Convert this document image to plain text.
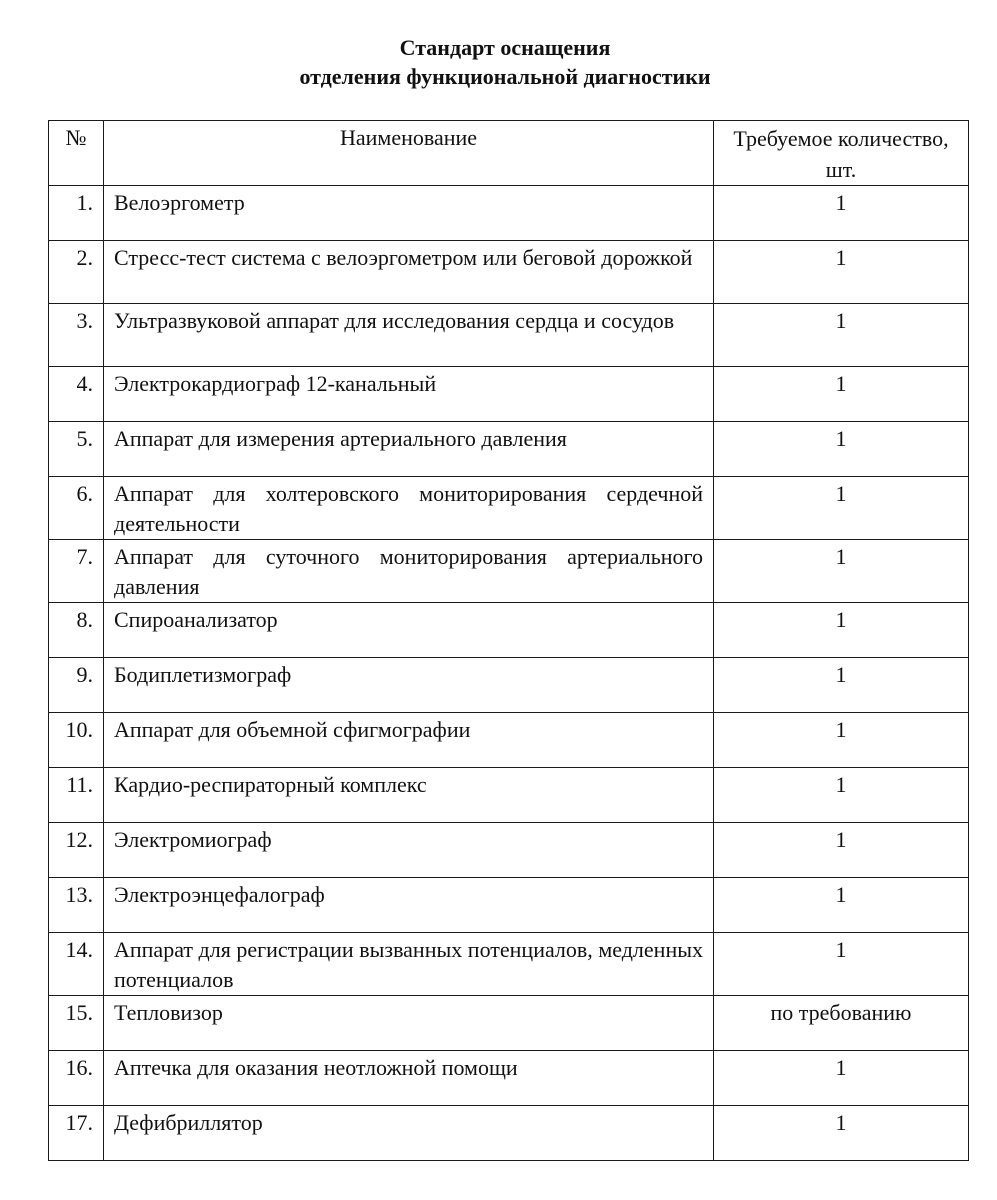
Стандарт оснащения
отделения функциональной диагностики
№	Наименование	Требуемое количество, шт.
1.	Велоэргометр	1
2.	Стресс-тест система с велоэргометром или беговой дорожкой	1
3.	Ультразвуковой аппарат для исследования сердца и сосудов	1
4.	Электрокардиограф 12-канальный	1
5.	Аппарат для измерения артериального давления	1
6.	Аппарат для холтеровского мониторирования сердечной деятельности	1
7.	Аппарат для суточного мониторирования артериального давления	1
8.	Спироанализатор	1
9.	Бодиплетизмограф	1
10.	Аппарат для объемной сфигмографии	1
11.	Кардио-респираторный комплекс	1
12.	Электромиограф	1
13.	Электроэнцефалограф	1
14.	Аппарат для регистрации вызванных потенциалов, медленных потенциалов	1
15.	Тепловизор	по требованию
16.	Аптечка для оказания неотложной помощи	1
17.	Дефибриллятор	1
